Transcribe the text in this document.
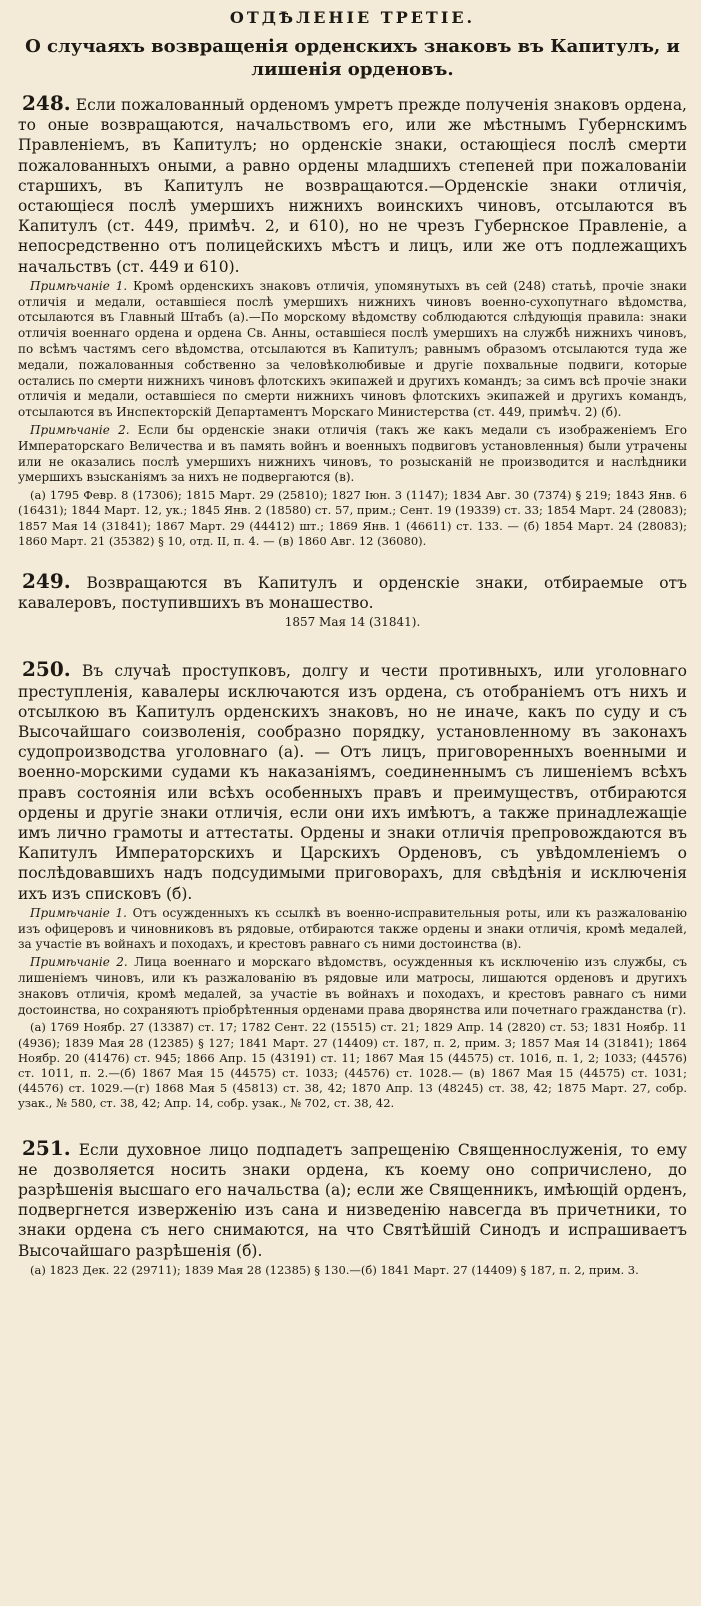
ОТДѢЛЕНІЕ ТРЕТІЕ.
О случаяхъ возвращенія орденскихъ знаковъ въ Капитулъ, и лишенія орденовъ.

248. Если пожалованный орденомъ умретъ прежде полученія знаковъ ордена, то оные возвращаются, начальствомъ его, или же мѣстнымъ Губернскимъ Правленіемъ, въ Капитулъ; но орденскіе знаки, остающіеся послѣ смерти пожалованныхъ оными, а равно ордены младшихъ степеней при пожалованіи старшихъ, въ Капитулъ не возвращаются.—Орденскіе знаки отличія, остающіеся послѣ умершихъ нижнихъ воинскихъ чиновъ, отсылаются въ Капитулъ (ст. 449, примѣч. 2, и 610), но не чрезъ Губернское Правленіе, а непосредственно отъ полицейскихъ мѣстъ и лицъ, или же отъ подлежащихъ начальствъ (ст. 449 и 610).

Примѣчаніе 1. Кромѣ орденскихъ знаковъ отличія, упомянутыхъ въ сей (248) статьѣ, прочіе знаки отличія и медали, оставшіеся послѣ умершихъ нижнихъ чиновъ военно-сухопутнаго вѣдомства, отсылаются въ Главный Штабъ (а).—По морскому вѣдомству соблюдаются слѣдующія правила: знаки отличія военнаго ордена и ордена Св. Анны, оставшіеся послѣ умершихъ на службѣ нижнихъ чиновъ, по всѣмъ частямъ сего вѣдомства, отсылаются въ Капитулъ; равнымъ образомъ отсылаются туда же медали, пожалованныя собственно за человѣколюбивые и другіе похвальные подвиги, которые остались по смерти нижнихъ чиновъ флотскихъ экипажей и другихъ командъ; за симъ всѣ прочіе знаки отличія и медали, оставшіеся по смерти нижнихъ чиновъ флотскихъ экипажей и другихъ командъ, отсылаются въ Инспекторскій Департаментъ Морскаго Министерства (ст. 449, примѣч. 2) (б).

Примѣчаніе 2. Если бы орденскіе знаки отличія (такъ же какъ медали съ изображеніемъ Его Императорскаго Величества и въ память войнъ и военныхъ подвиговъ установленныя) были утрачены или не оказались послѣ умершихъ нижнихъ чиновъ, то розысканій не производится и наслѣдники умершихъ взысканіямъ за нихъ не подвергаются (в).

(а) 1795 Февр. 8 (17306); 1815 Март. 29 (25810); 1827 Іюн. 3 (1147); 1834 Авг. 30 (7374) § 219; 1843 Янв. 6 (16431); 1844 Март. 12, ук.; 1845 Янв. 2 (18580) ст. 57, прим.; Сент. 19 (19339) ст. 33; 1854 Март. 24 (28083); 1857 Мая 14 (31841); 1867 Март. 29 (44412) шт.; 1869 Янв. 1 (46611) ст. 133. — (б) 1854 Март. 24 (28083); 1860 Март. 21 (35382) § 10, отд. II, п. 4. — (в) 1860 Авг. 12 (36080).

249. Возвращаются въ Капитулъ и орденскіе знаки, отбираемые отъ кавалеровъ, поступившихъ въ монашество.

1857 Мая 14 (31841).

250. Въ случаѣ проступковъ, долгу и чести противныхъ, или уголовнаго преступленія, кавалеры исключаются изъ ордена, съ отобраніемъ отъ нихъ и отсылкою въ Капитулъ орденскихъ знаковъ, но не иначе, какъ по суду и съ Высочайшаго соизволенія, сообразно порядку, установленному въ законахъ судопроизводства уголовнаго (а). — Отъ лицъ, приговоренныхъ военными и военно-морскими судами къ наказаніямъ, соединеннымъ съ лишеніемъ всѣхъ правъ состоянія или всѣхъ особенныхъ правъ и преимуществъ, отбираются ордены и другіе знаки отличія, если они ихъ имѣютъ, а также принадлежащіе имъ лично грамоты и аттестаты. Ордены и знаки отличія препровождаются въ Капитулъ Императорскихъ и Царскихъ Орденовъ, съ увѣдомленіемъ о послѣдовавшихъ надъ подсудимыми приговорахъ, для свѣдѣнія и исключенія ихъ изъ списковъ (б).

Примѣчаніе 1. Отъ осужденныхъ къ ссылкѣ въ военно-исправительныя роты, или къ разжалованію изъ офицеровъ и чиновниковъ въ рядовые, отбираются также ордены и знаки отличія, кромѣ медалей, за участіе въ войнахъ и походахъ, и крестовъ равнаго съ ними достоинства (в).

Примѣчаніе 2. Лица военнаго и морскаго вѣдомствъ, осужденныя къ исключенію изъ службы, съ лишеніемъ чиновъ, или къ разжалованію въ рядовые или матросы, лишаются орденовъ и другихъ знаковъ отличія, кромѣ медалей, за участіе въ войнахъ и походахъ, и крестовъ равнаго съ ними достоинства, но сохраняютъ пріобрѣтенныя орденами права дворянства или почетнаго гражданства (г).

(а) 1769 Ноябр. 27 (13387) ст. 17; 1782 Сент. 22 (15515) ст. 21; 1829 Апр. 14 (2820) ст. 53; 1831 Ноябр. 11 (4936); 1839 Мая 28 (12385) § 127; 1841 Март. 27 (14409) ст. 187, п. 2, прим. 3; 1857 Мая 14 (31841); 1864 Ноябр. 20 (41476) ст. 945; 1866 Апр. 15 (43191) ст. 11; 1867 Мая 15 (44575) ст. 1016, п. 1, 2; 1033; (44576) ст. 1011, п. 2.—(б) 1867 Мая 15 (44575) ст. 1033; (44576) ст. 1028.— (в) 1867 Мая 15 (44575) ст. 1031; (44576) ст. 1029.—(г) 1868 Мая 5 (45813) ст. 38, 42; 1870 Апр. 13 (48245) ст. 38, 42; 1875 Март. 27, собр. узак., № 580, ст. 38, 42; Апр. 14, собр. узак., № 702, ст. 38, 42.

251. Если духовное лицо подпадетъ запрещенію Священнослуженія, то ему не дозволяется носить знаки ордена, къ коему оно сопричислено, до разрѣшенія высшаго его начальства (а); если же Священникъ, имѣющій орденъ, подвергнется изверженію изъ сана и низведенію навсегда въ причетники, то знаки ордена съ него снимаются, на что Святѣйшій Синодъ и испрашиваетъ Высочайшаго разрѣшенія (б).

(а) 1823 Дек. 22 (29711); 1839 Мая 28 (12385) § 130.—(б) 1841 Март. 27 (14409) § 187, п. 2, прим. 3.
